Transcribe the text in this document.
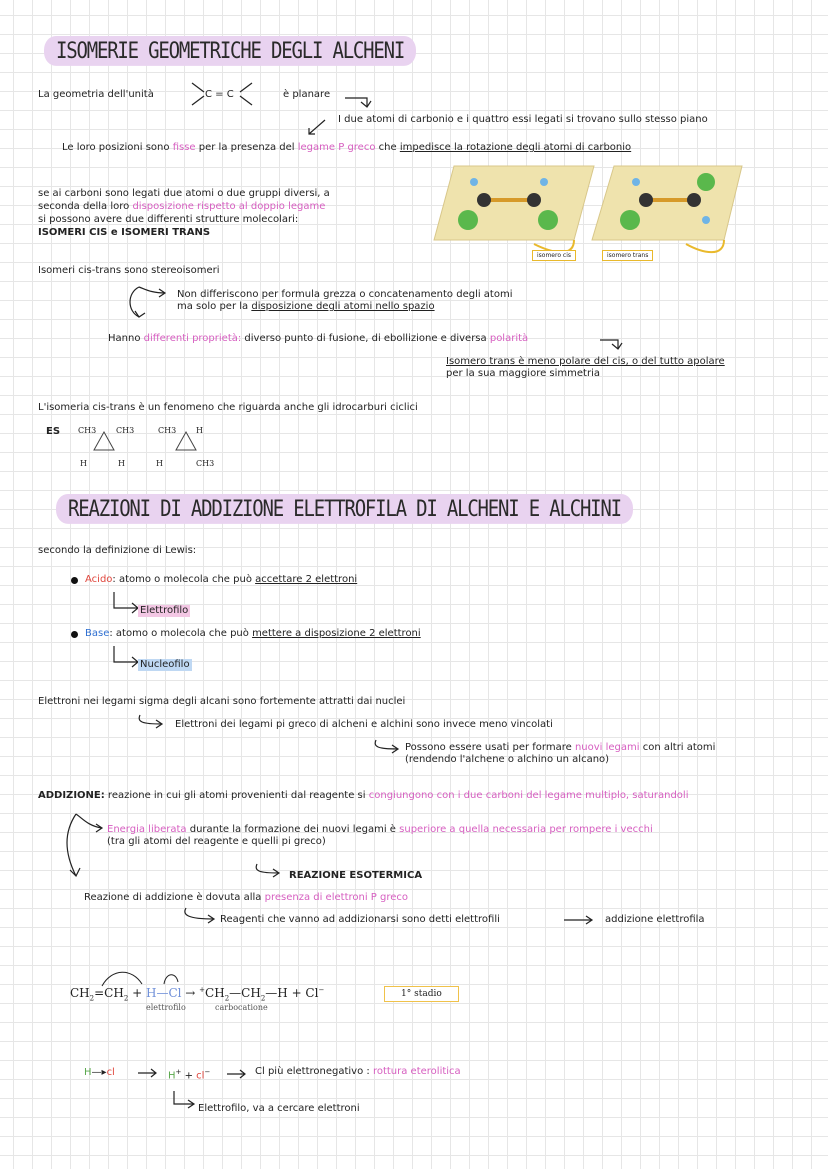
ISOMERIE GEOMETRICHE DEGLI ALCHENI
La geometria dell'unità	C = C	è planare
I due atomi di carbonio e i quattro essi legati si trovano sullo stesso piano
Le loro posizioni sono fisse per la presenza del legame P greco che impedisce la rotazione degli atomi di carbonio
se ai carboni sono legati due atomi o due gruppi diversi, a
seconda della loro disposizione rispetto al doppio legame
si possono avere due differenti strutture molecolari:
ISOMERI CIS e ISOMERI TRANS
isomero cis	isomero trans
Isomeri cis-trans sono stereoisomeri
Non differiscono per formula grezza o concatenamento degli atomi
ma solo per la disposizione degli atomi nello spazio
Hanno differenti proprietà: diverso punto di fusione, di ebollizione e diversa polarità
Isomero trans è meno polare del cis, o del tutto apolare
per la sua maggiore simmetria
L'isomeria cis-trans è un fenomeno che riguarda anche gli idrocarburi ciclici
ES CH3 CH3
H	H
CH3 H
H	CH3
REAZIONI DI ADDIZIONE ELETTROFILA DI ALCHENI E ALCHINI
secondo la definizione di Lewis:
Acido: atomo o molecola che può accettare 2 elettroni
Elettrofilo
Base: atomo o molecola che può mettere a disposizione 2 elettroni
Nucleofilo
Elettroni nei legami sigma degli alcani sono fortemente attratti dai nuclei
Elettroni dei legami pi greco di alcheni e alchini sono invece meno vincolati
Possono essere usati per formare nuovi legami con altri atomi
(rendendo l'alchene o alchino un alcano)
ADDIZIONE: reazione in cui gli atomi provenienti dal reagente si congiungono con i due carboni del legame multiplo, saturandoli
Energia liberata durante la formazione dei nuovi legami è superiore a quella necessaria per rompere i vecchi
(tra gli atomi del reagente e quelli pi greco)
REAZIONE ESOTERMICA
Reazione di addizione è dovuta alla presenza di elettroni P greco
Reagenti che vanno ad addizionarsi sono detti elettrofili	addizione elettrofila
$CH_2=CH_2$ + H—Cl → $^+CH_2—CH_2—H + Cl^-$
elettrofilo	carbocatione
1° stadio
H—▸cl	H+ + cl−	Cl più elettronegativo : rottura eterolitica
Elettrofilo, va a cercare elettroni
